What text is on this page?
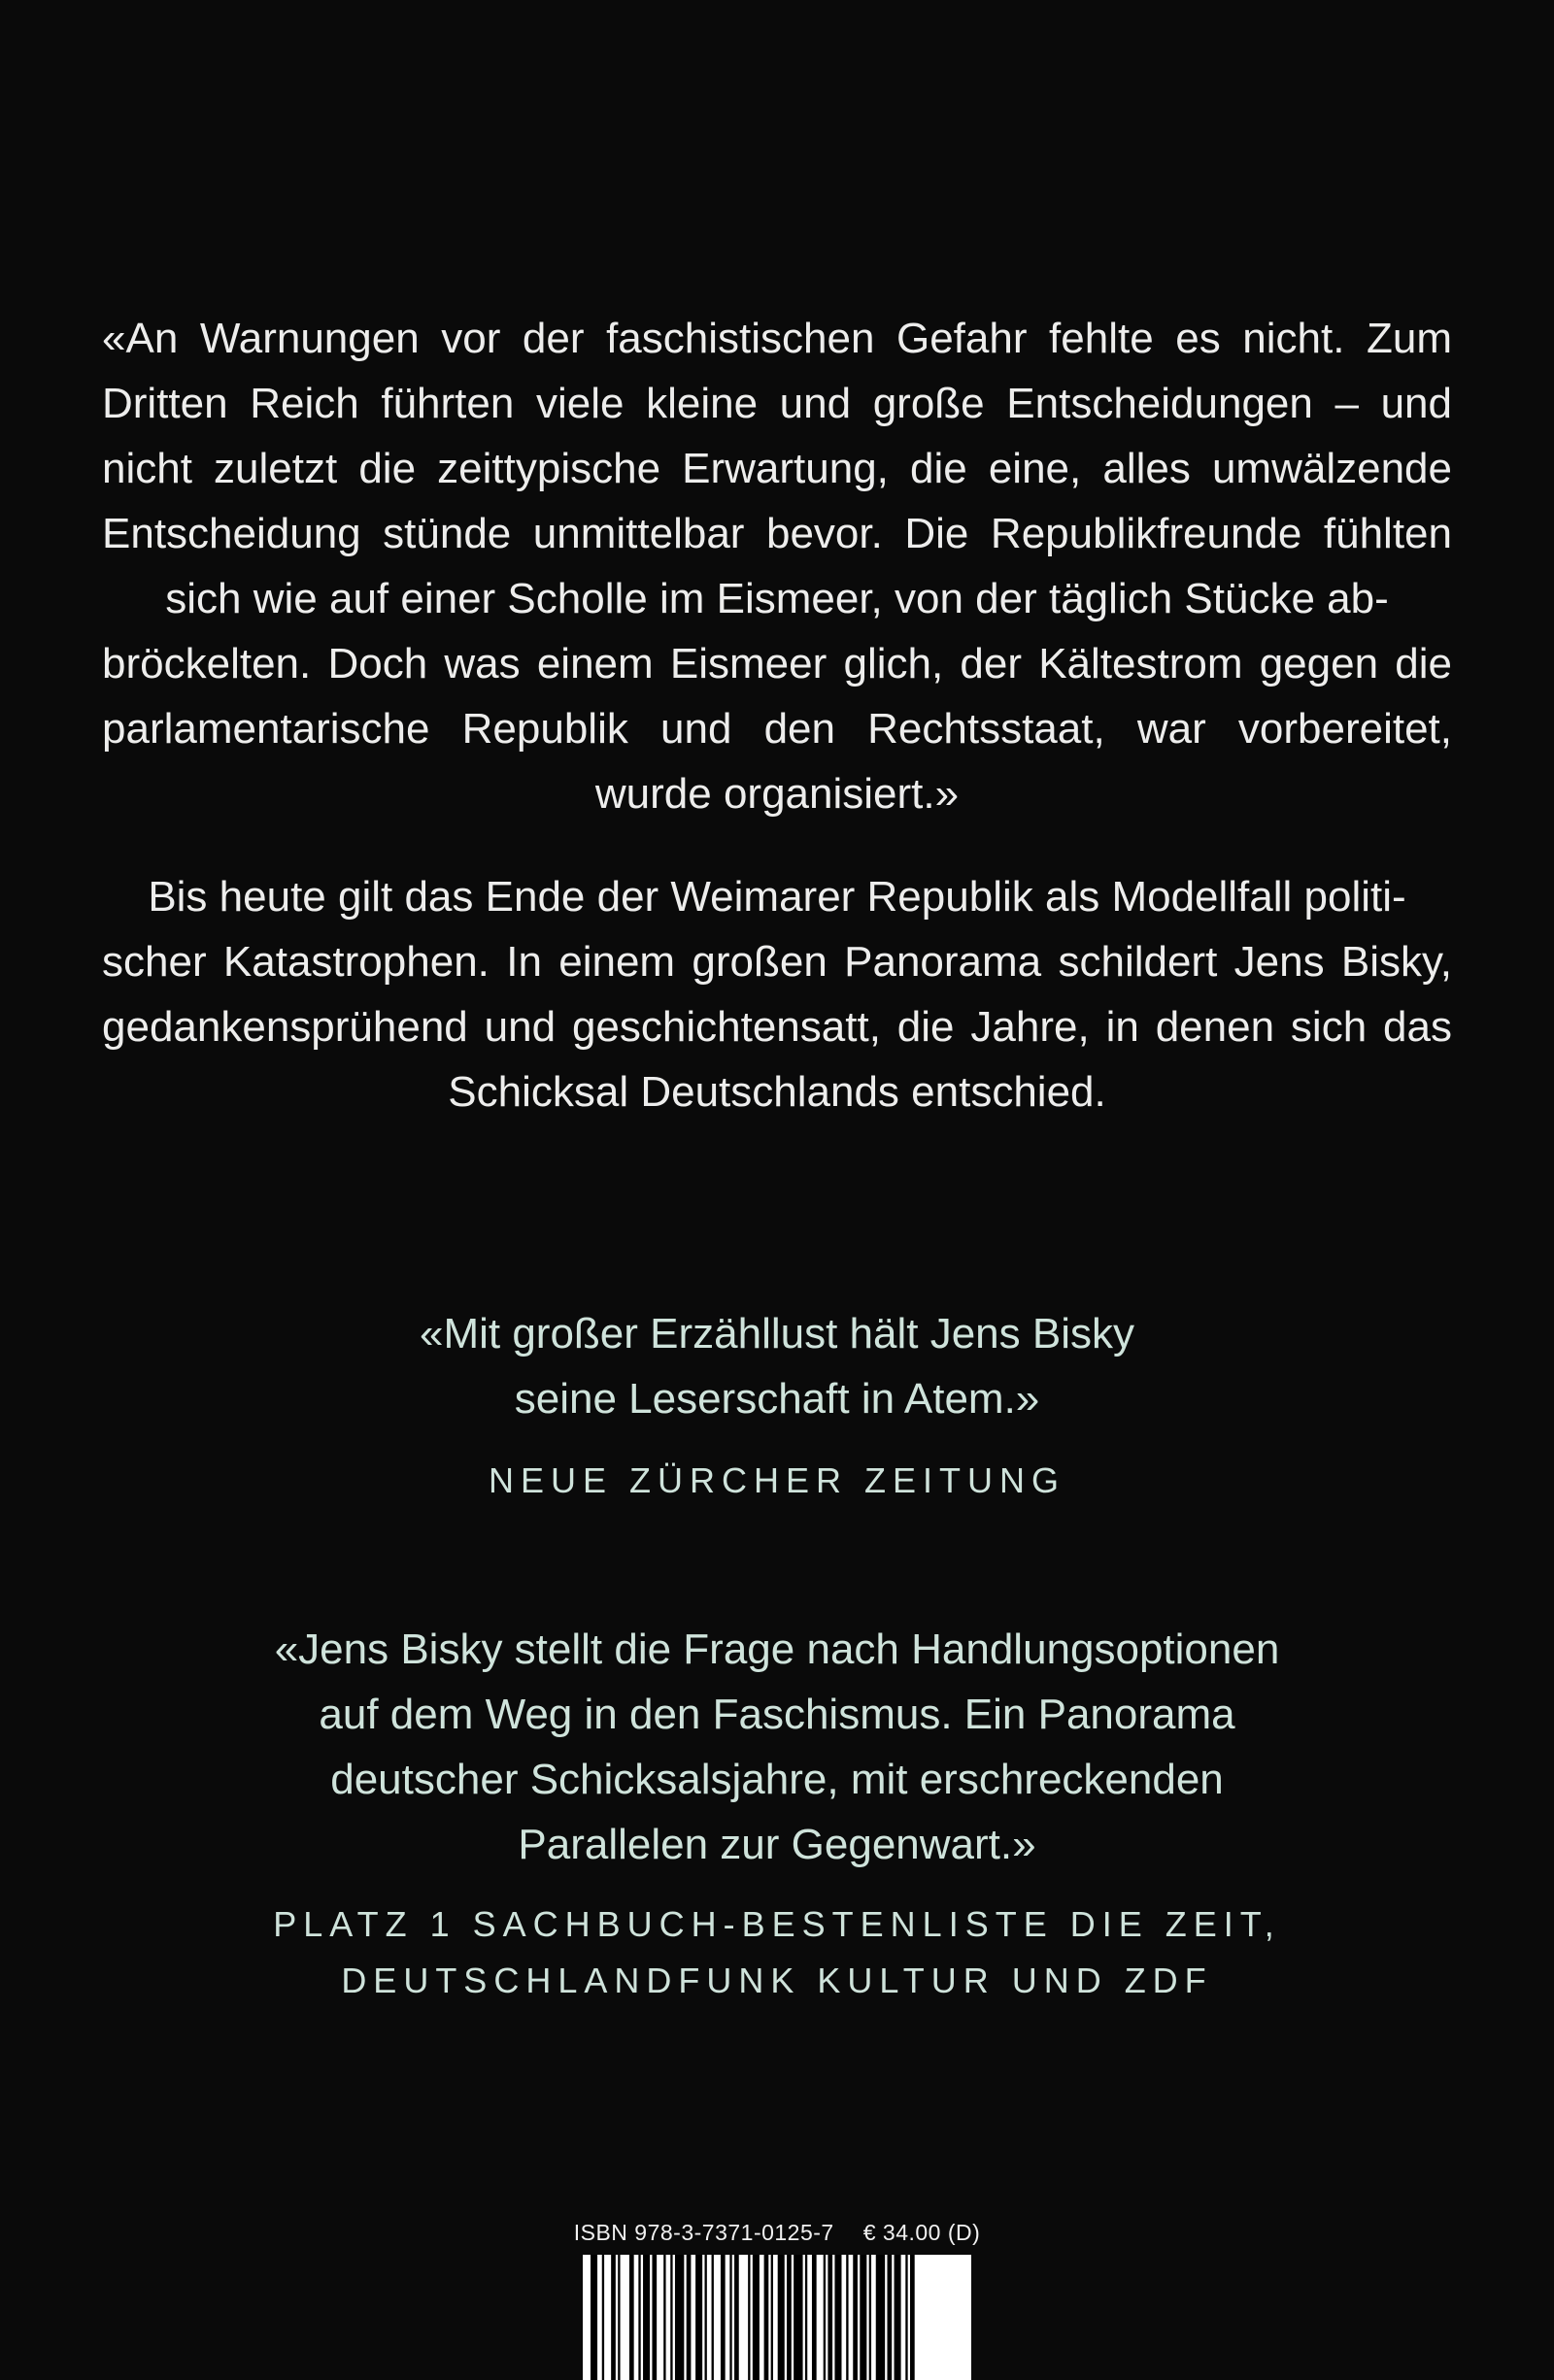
«An Warnungen vor der faschistischen Gefahr fehlte es nicht. Zum Dritten Reich führten viele kleine und große Entscheidungen – und nicht zuletzt die zeittypische Erwartung, die eine, alles umwälzende Entscheidung stünde unmittelbar bevor. Die Republikfreunde fühlten sich wie auf einer Scholle im Eismeer, von der täglich Stücke ab-

bröckelten. Doch was einem Eismeer glich, der Kältestrom gegen die parlamentarische Republik und den Rechtsstaat, war vorbereitet, wurde organisiert.»

Bis heute gilt das Ende der Weimarer Republik als Modellfall politi-

scher Katastrophen. In einem großen Panorama schildert Jens Bisky, gedankensprühend und geschichtensatt, die Jahre, in denen sich das Schicksal Deutschlands entschied.

«Mit großer Erzähllust hält Jens Bisky
seine Leserschaft in Atem.»

NEUE ZÜRCHER ZEITUNG

«Jens Bisky stellt die Frage nach Handlungsoptionen
auf dem Weg in den Faschismus. Ein Panorama
deutscher Schicksalsjahre, mit erschreckenden
Parallelen zur Gegenwart.»
PLATZ 1 SACHBUCH-BESTENLISTE DIE ZEIT,
DEUTSCHLANDFUNK KULTUR UND ZDF
ISBN 978-3-7371-0125-7 € 34.00 (D)
